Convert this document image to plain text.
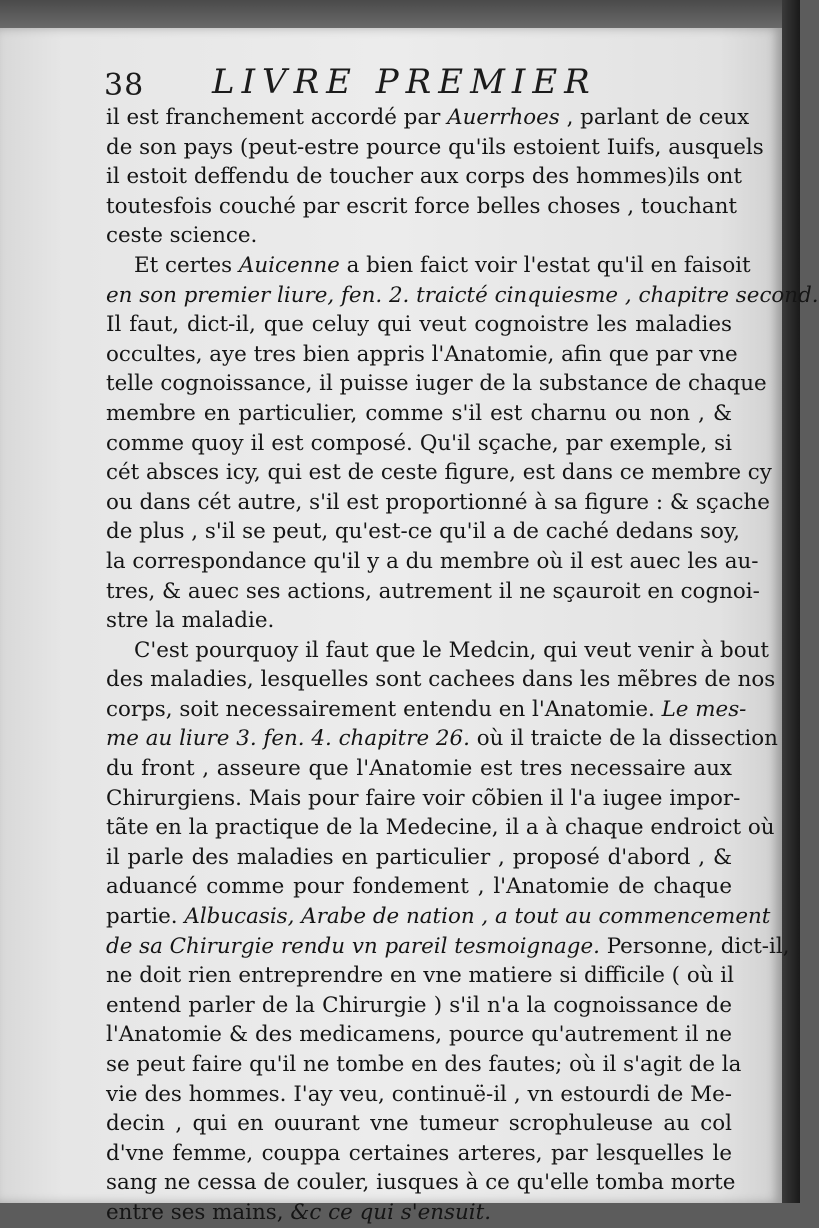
38 LIVRE PREMIER
il est franchement accordé par Auerrhoes , parlant de ceux
de son pays (peut-estre pource qu'ils estoient Iuifs, ausquels
il estoit deffendu de toucher aux corps des hommes)ils ont
toutesfois couché par escrit force belles choses , touchant
ceste science.
Et certes Auicenne a bien faict voir l'estat qu'il en faisoit
en son premier liure, fen. 2. traicté cinquiesme , chapitre second.
Il faut, dict-il, que celuy qui veut cognoistre les maladies
occultes, aye tres bien appris l'Anatomie, afin que par vne
telle cognoissance, il puisse iuger de la substance de chaque
membre en particulier, comme s'il est charnu ou non , &
comme quoy il est composé. Qu'il sçache, par exemple, si
cét absces icy, qui est de ceste figure, est dans ce membre cy
ou dans cét autre, s'il est proportionné à sa figure : & sçache
de plus , s'il se peut, qu'est-ce qu'il a de caché dedans soy,
la correspondance qu'il y a du membre où il est auec les au-
tres, & auec ses actions, autrement il ne sçauroit en cognoi-
stre la maladie.
C'est pourquoy il faut que le Medcin, qui veut venir à bout
des maladies, lesquelles sont cachees dans les mẽbres de nos
corps, soit necessairement entendu en l'Anatomie. Le mes-
me au liure 3. fen. 4. chapitre 26. où il traicte de la dissection
du front , asseure que l'Anatomie est tres necessaire aux
Chirurgiens. Mais pour faire voir cõbien il l'a iugee impor-
tãte en la practique de la Medecine, il a à chaque endroict où
il parle des maladies en particulier , proposé d'abord , &
aduancé comme pour fondement , l'Anatomie de chaque
partie. Albucasis, Arabe de nation , a tout au commencement
de sa Chirurgie rendu vn pareil tesmoignage. Personne, dict-il,
ne doit rien entreprendre en vne matiere si difficile ( où il
entend parler de la Chirurgie ) s'il n'a la cognoissance de
l'Anatomie & des medicamens, pource qu'autrement il ne
se peut faire qu'il ne tombe en des fautes; où il s'agit de la
vie des hommes. I'ay veu, continuë-il , vn estourdi de Me-
decin , qui en ouurant vne tumeur scrophuleuse au col
d'vne femme, couppa certaines arteres, par lesquelles le
sang ne cessa de couler, iusques à ce qu'elle tomba morte
entre ses mains, &c ce qui s'ensuit.
